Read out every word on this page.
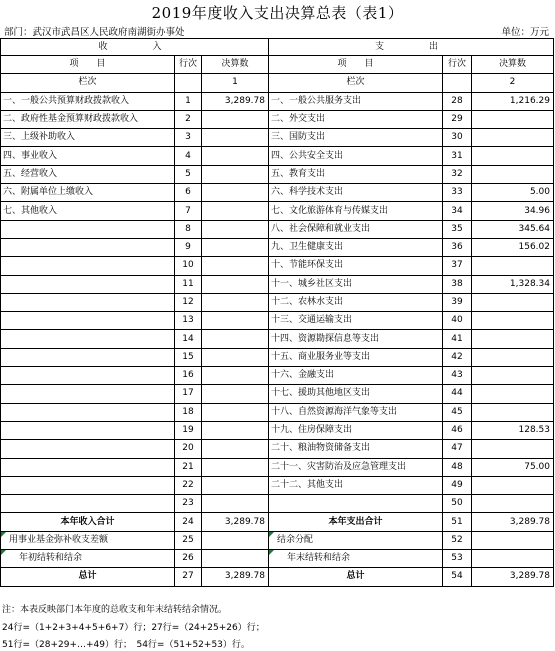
2019年度收入支出决算总表（表1）
部门：武汉市武昌区人民政府南湖街办事处	单位：万元
收　　入			支　　出		
项　　目	行次	决算数	项　　目	行次	决算数
栏次		1	栏次		2
一、一般公共预算财政拨款收入	1	3,289.78	一、一般公共服务支出	28	1,216.29
二、政府性基金预算财政拨款收入	2		二、外交支出	29	
三、上级补助收入	3		三、国防支出	30	
四、事业收入	4		四、公共安全支出	31	
五、经营收入	5		五、教育支出	32	
六、附属单位上缴收入	6		六、科学技术支出	33	5.00
七、其他收入	7		七、文化旅游体育与传媒支出	34	34.96
	8		八、社会保障和就业支出	35	345.64
	9		九、卫生健康支出	36	156.02
	10		十、节能环保支出	37	
	11		十一、城乡社区支出	38	1,328.34
	12		十二、农林水支出	39	
	13		十三、交通运输支出	40	
	14		十四、资源勘探信息等支出	41	
	15		十五、商业服务业等支出	42	
	16		十六、金融支出	43	
	17		十七、援助其他地区支出	44	
	18		十八、自然资源海洋气象等支出	45	
	19		十九、住房保障支出	46	128.53
	20		二十、粮油物资储备支出	47	
	21		二十一、灾害防治及应急管理支出	48	75.00
	22		二十二、其他支出	49	
	23			50	
本年收入合计	24	3,289.78	本年支出合计	51	3,289.78
用事业基金弥补收支差额	25		结余分配	52	
年初结转和结余	26		年末结转和结余	53	
总计	27	3,289.78	总计	54	3,289.78
注：本表反映部门本年度的总收支和年末结转结余情况。
24行=（1+2+3+4+5+6+7）行；27行=（24+25+26）行；
51行=（28+29+…+49）行；　54行=（51+52+53）行。
